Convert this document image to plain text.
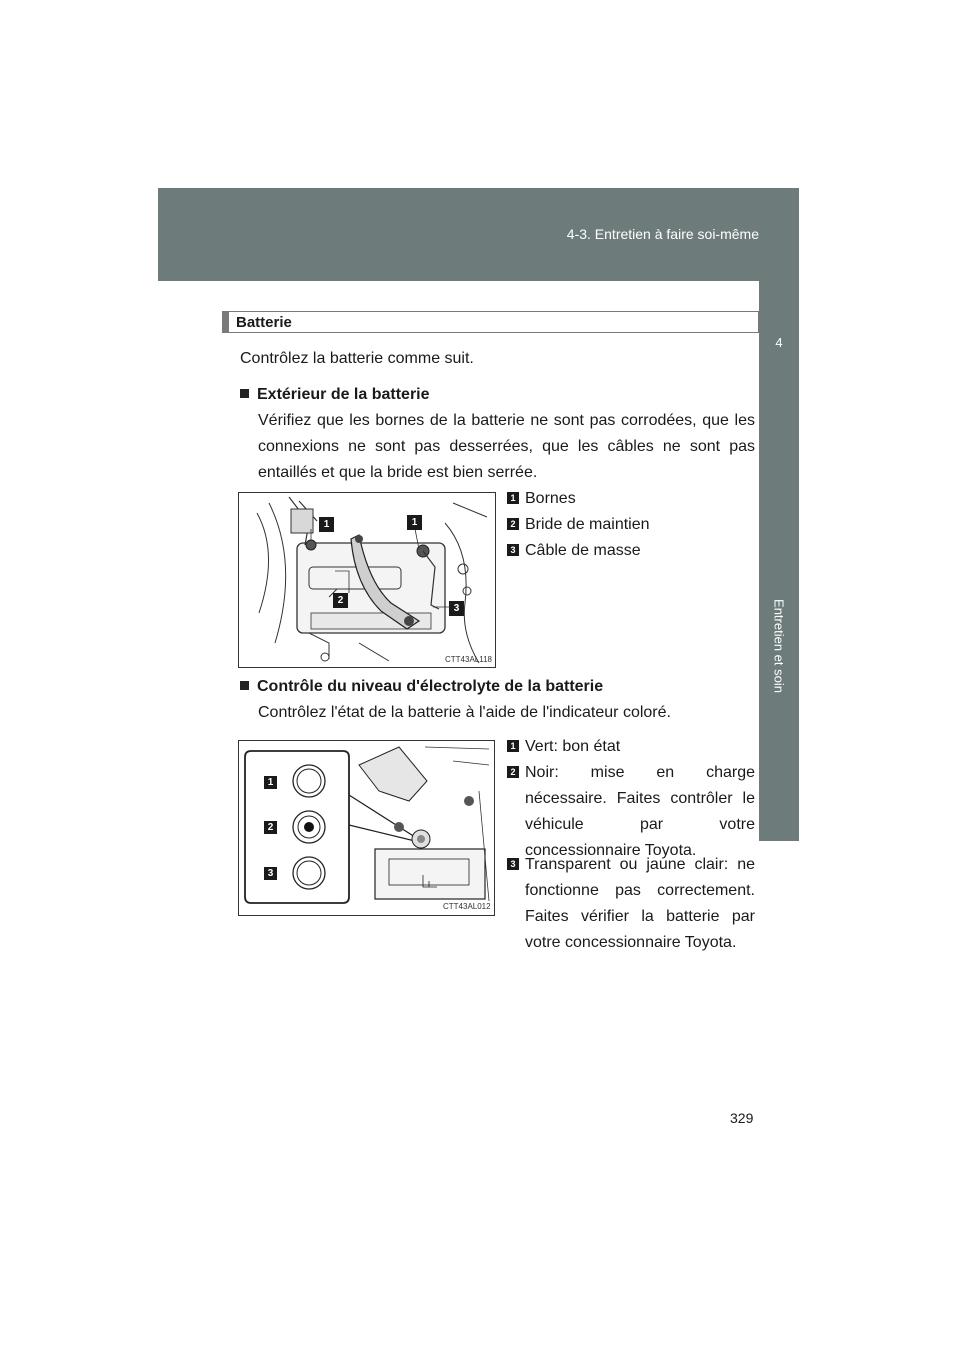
4-3. Entretien à faire soi-même
4
Entretien et soin
Batterie
Contrôlez la batterie comme suit.
Extérieur de la batterie
Vérifiez que les bornes de la batterie ne sont pas corrodées, que les connexions ne sont pas desserrées, que les câbles ne sont pas entaillés et que la bride est bien serrée.
1	1
2
3
CTT43AL118
1 Bornes
2 Bride de maintien
3 Câble de masse
Contrôle du niveau d'électrolyte de la batterie
Contrôlez l'état de la batterie à l'aide de l'indicateur coloré.
1
2
3
CTT43AL012
1 Vert: bon état
2 Noir: mise en charge nécessaire. Faites contrôler le véhicule par votre concessionnaire Toyota.
3 Transparent ou jaune clair: ne fonctionne pas correctement. Faites vérifier la batterie par votre concessionnaire Toyota.
329
